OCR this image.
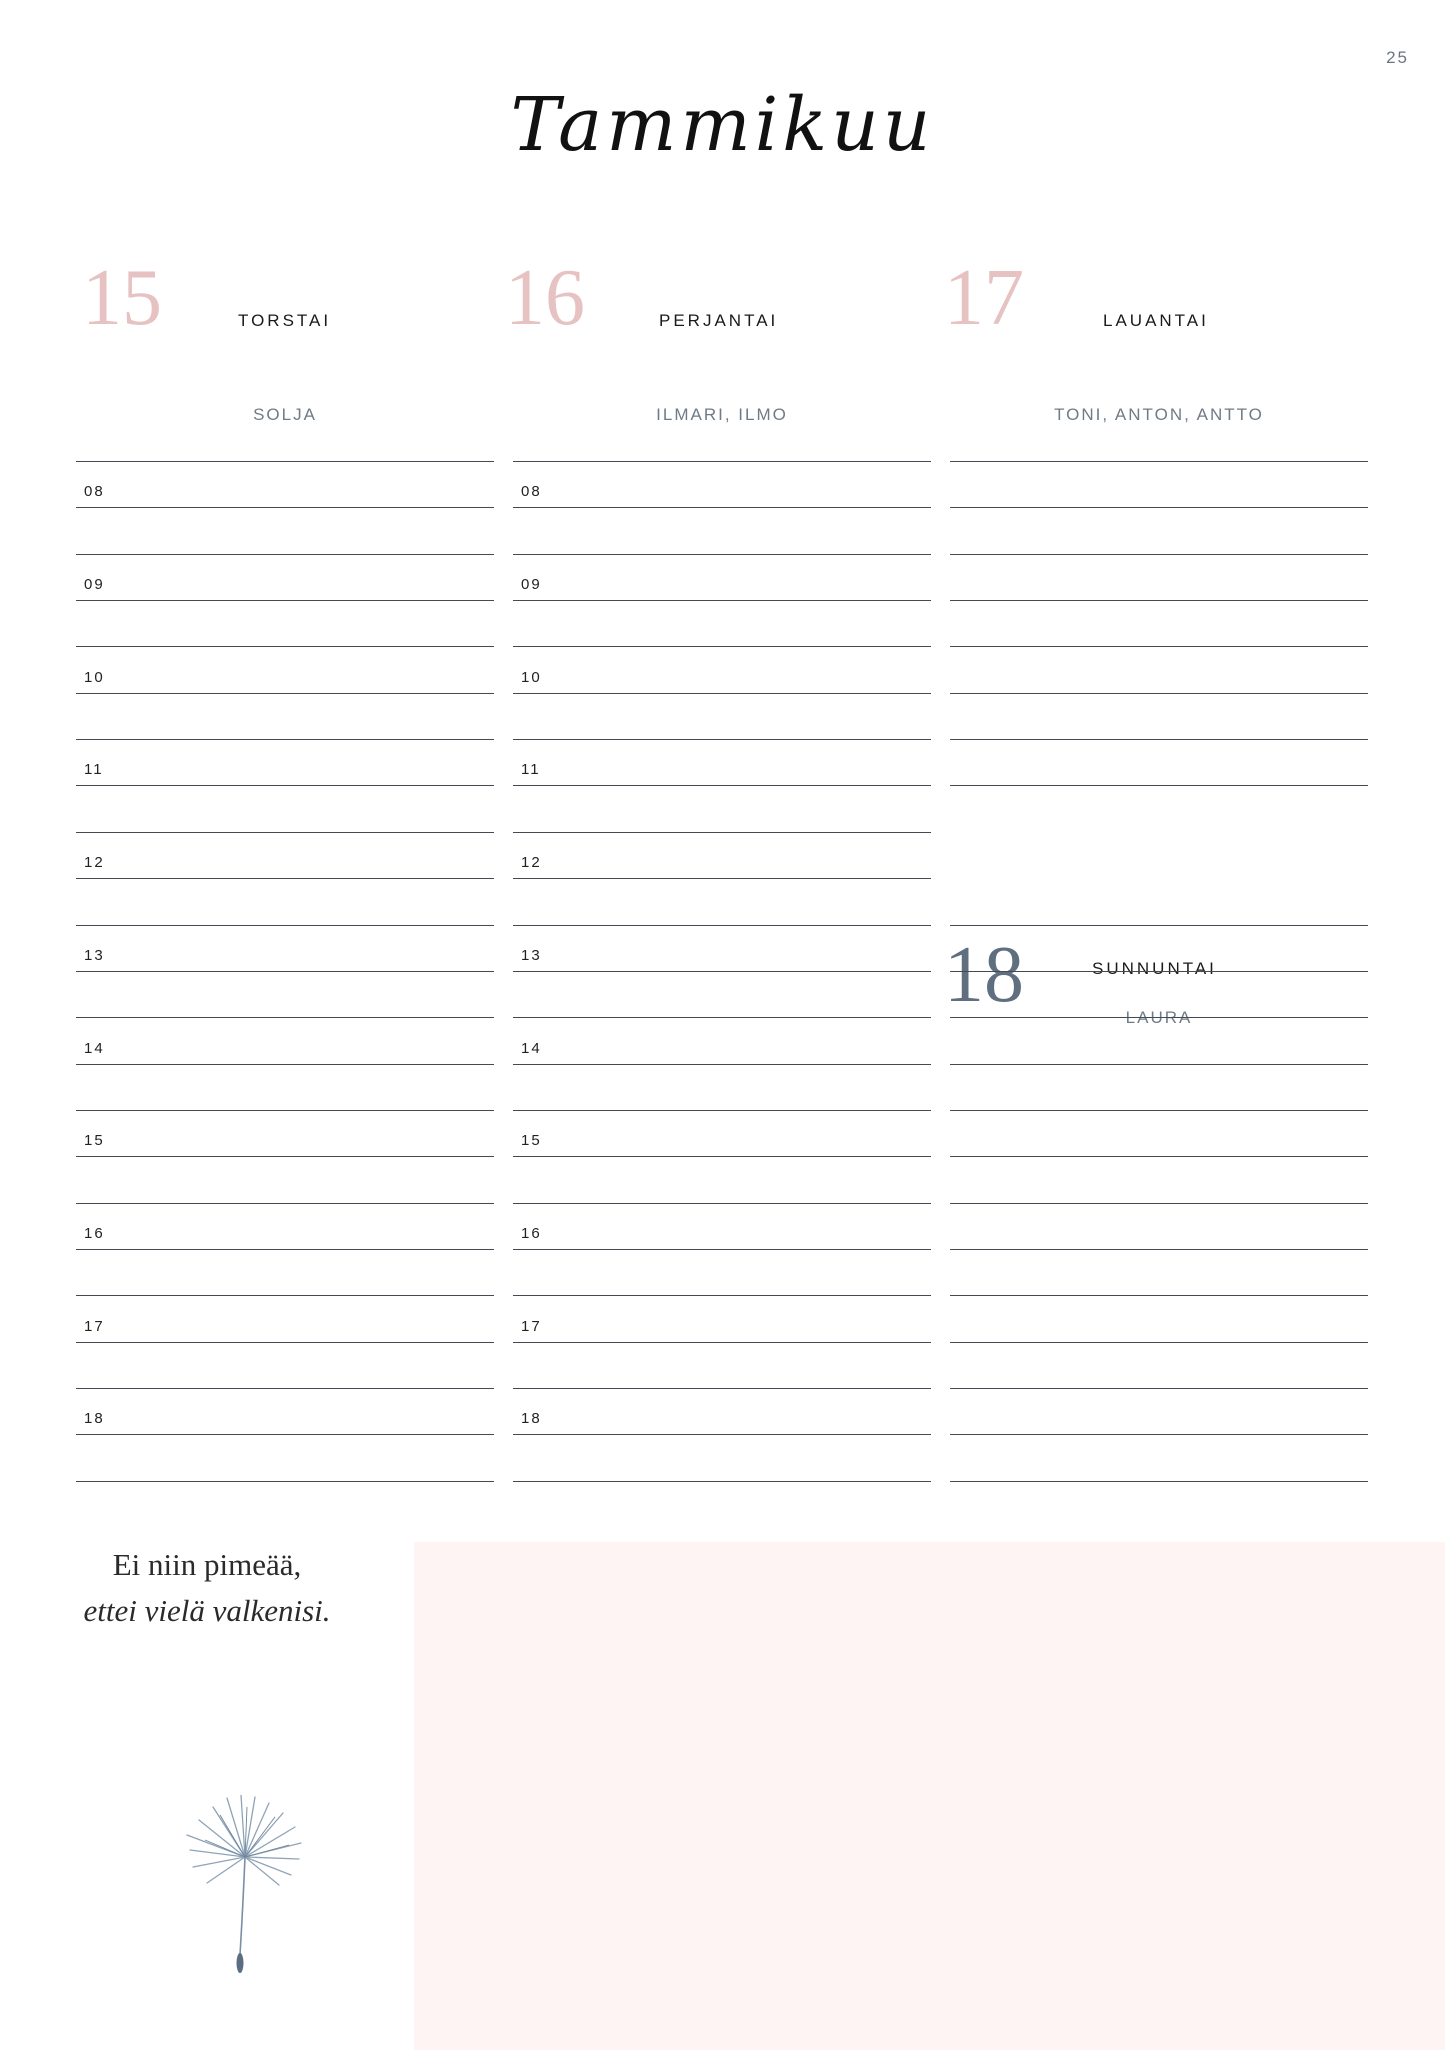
25
Tammikuu
15	TORSTAI
SOLJA
08
09
10
11
12
13
14
15
16
17
18
16	PERJANTAI
ILMARI, ILMO
08
09
10
11
12
13
14
15
16
17
18
17	LAUANTAI
TONI, ANTON, ANTTO
18	SUNNUNTAI
LAURA
Ei niin pimeää,
ettei vielä valkenisi.
